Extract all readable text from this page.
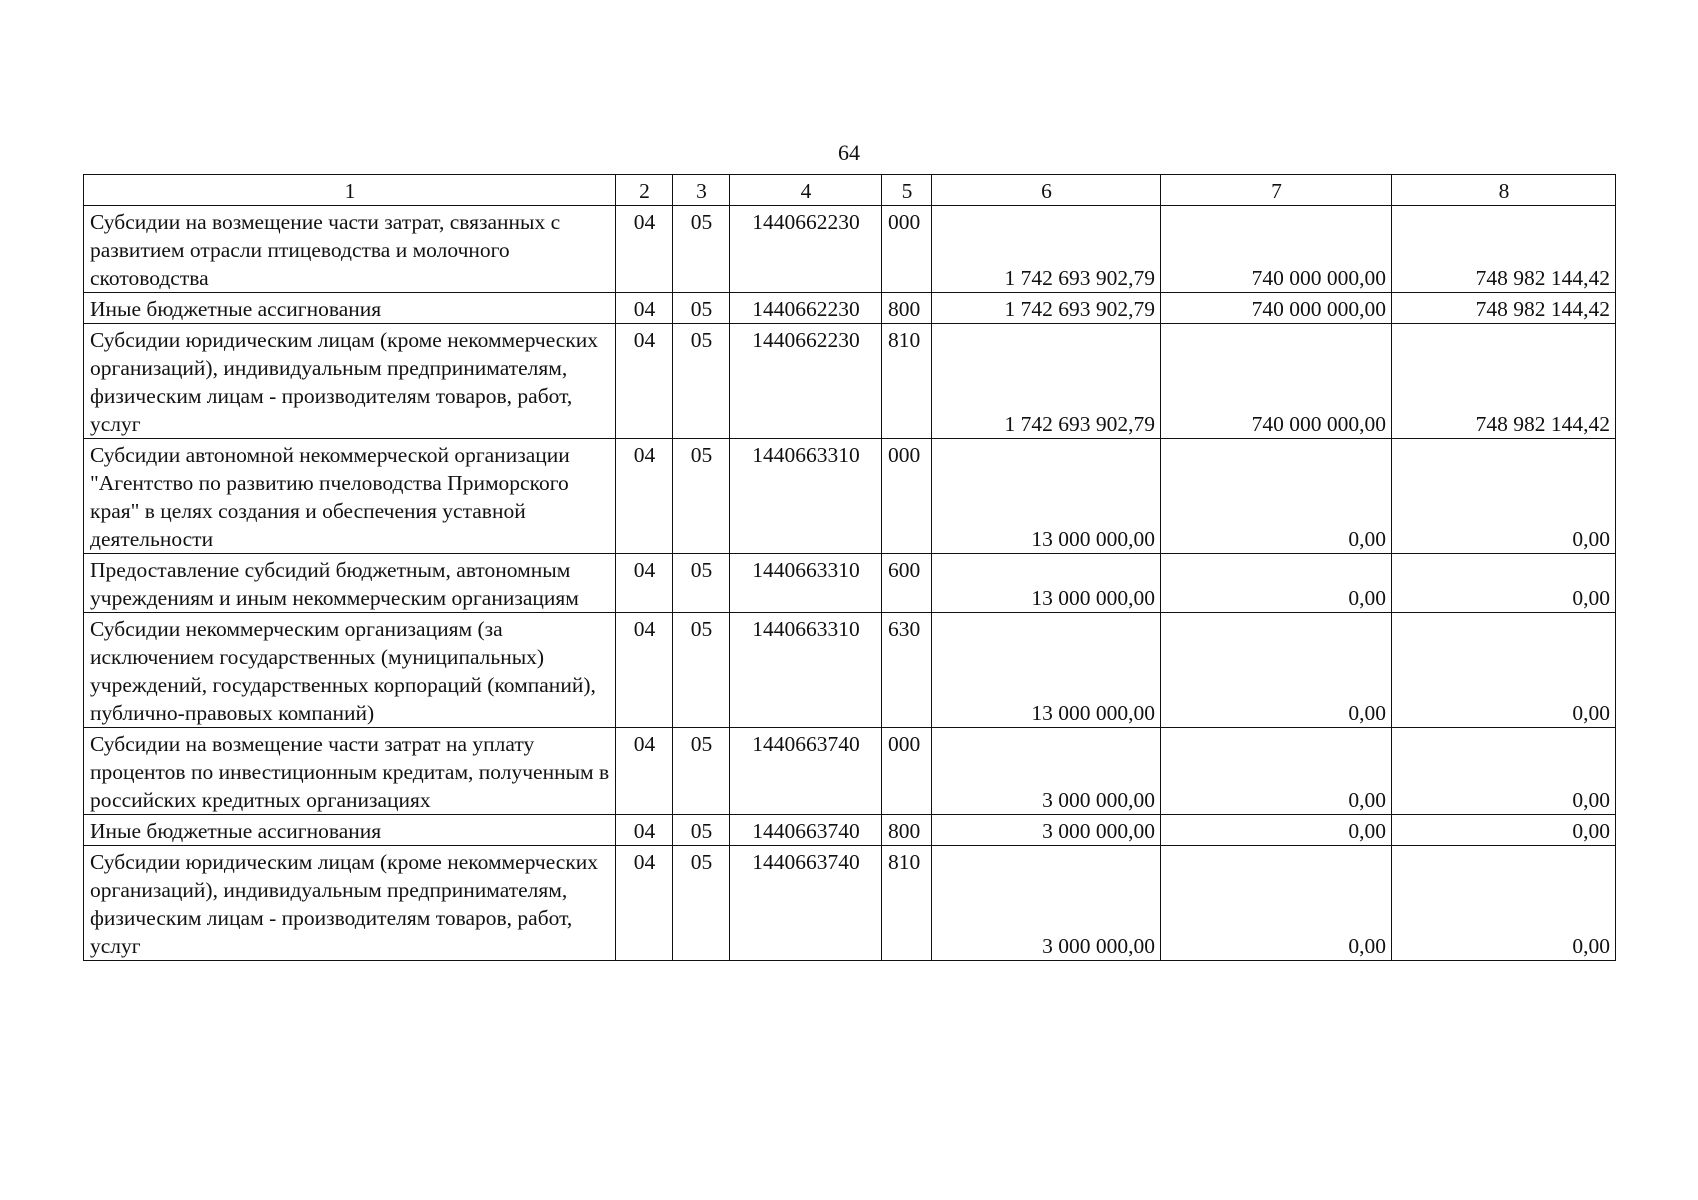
64
1	2	3	4	5	6	7	8
Субсидии на возмещение части затрат, связанных с развитием отрасли птицеводства и молочного скотоводства	04	05	1440662230	000	1 742 693 902,79	740 000 000,00	748 982 144,42
Иные бюджетные ассигнования	04	05	1440662230	800	1 742 693 902,79	740 000 000,00	748 982 144,42
Субсидии юридическим лицам (кроме некоммерческих организаций), индивидуальным предпринимателям, физическим лицам - производителям товаров, работ, услуг	04	05	1440662230	810	1 742 693 902,79	740 000 000,00	748 982 144,42
Субсидии автономной некоммерческой организации "Агентство по развитию пчеловодства Приморского края" в целях создания и обеспечения уставной деятельности	04	05	1440663310	000	13 000 000,00	0,00	0,00
Предоставление субсидий бюджетным, автономным учреждениям и иным некоммерческим организациям	04	05	1440663310	600	13 000 000,00	0,00	0,00
Субсидии некоммерческим организациям (за исключением государственных (муниципальных) учреждений, государственных корпораций (компаний), публично-правовых компаний)	04	05	1440663310	630	13 000 000,00	0,00	0,00
Субсидии на возмещение части затрат на уплату процентов по инвестиционным кредитам, полученным в российских кредитных организациях	04	05	1440663740	000	3 000 000,00	0,00	0,00
Иные бюджетные ассигнования	04	05	1440663740	800	3 000 000,00	0,00	0,00
Субсидии юридическим лицам (кроме некоммерческих организаций), индивидуальным предпринимателям, физическим лицам - производителям товаров, работ, услуг	04	05	1440663740	810	3 000 000,00	0,00	0,00
